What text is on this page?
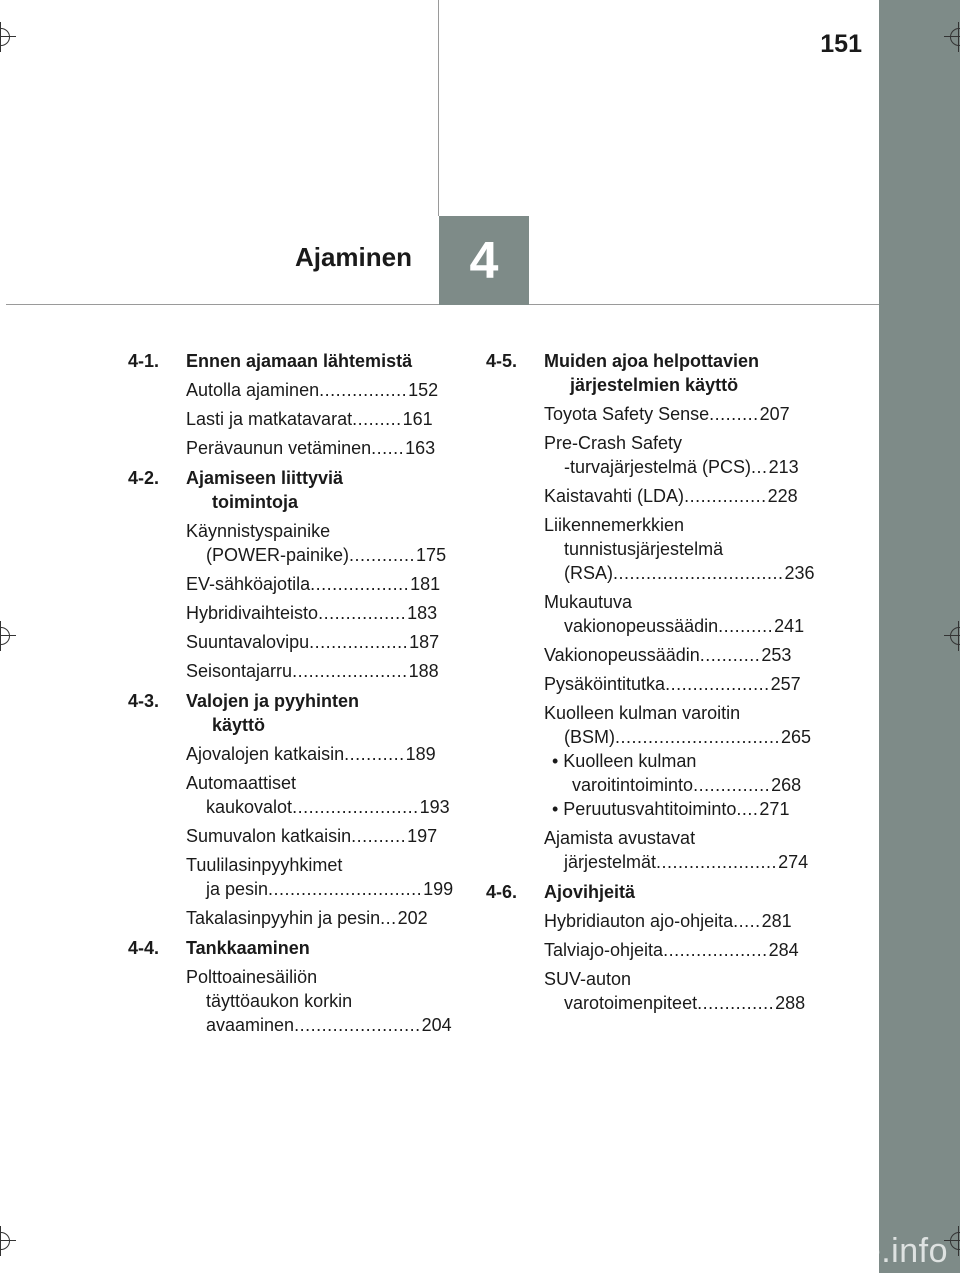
151
4
Ajaminen
4-1. Ennen ajamaan lähtemistä
Autolla ajaminen................152
Lasti ja matkatavarat.........161
Perävaunun vetäminen......163
4-2. Ajamiseen liittyviä
toimintoja
Käynnistyspainike
(POWER-painike)............175
EV-sähköajotila..................181
Hybridivaihteisto................183
Suuntavalovipu..................187
Seisontajarru.....................188
4-3. Valojen ja pyyhinten
käyttö
Ajovalojen katkaisin...........189
Automaattiset
kaukovalot.......................193
Sumuvalon katkaisin..........197
Tuulilasinpyyhkimet
ja pesin............................199
Takalasinpyyhin ja pesin...202
4-4. Tankkaaminen
Polttoainesäiliön
täyttöaukon korkin
avaaminen.......................204
4-5. Muiden ajoa helpottavien
järjestelmien käyttö
Toyota Safety Sense.........207
Pre-Crash Safety
-turvajärjestelmä (PCS)...213
Kaistavahti (LDA)...............228
Liikennemerkkien
tunnistusjärjestelmä
(RSA)...............................236
Mukautuva
vakionopeussäädin..........241
Vakionopeussäädin...........253
Pysäköintitutka...................257
Kuolleen kulman varoitin
(BSM)..............................265
• Kuolleen kulman
varoitintoiminto..............268
• Peruutusvahtitoiminto....271
Ajamista avustavat
järjestelmät......................274
4-6. Ajovihjeitä
Hybridiauton ajo-ohjeita.....281
Talviajo-ohjeita...................284
SUV-auton
varotoimenpiteet..............288
carmanualsonline.info
